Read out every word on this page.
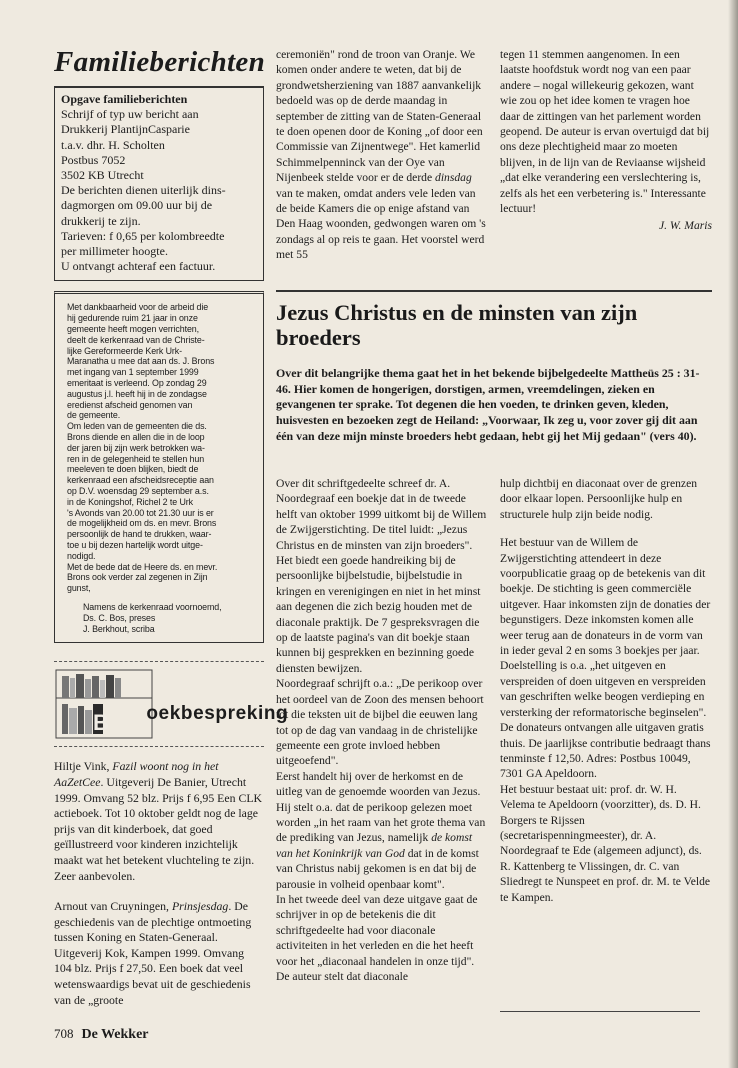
Familieberichten
Opgave familieberichten
Schrijf of typ uw bericht aan
Drukkerij PlantijnCasparie
t.a.v. dhr. H. Scholten
Postbus 7052
3502 KB Utrecht
De berichten dienen uiterlijk dins-
dagmorgen om 09.00 uur bij de
drukkerij te zijn.
Tarieven: f 0,65 per kolombreedte
per millimeter hoogte.
U ontvangt achteraf een factuur.
Met dankbaarheid voor de arbeid die
hij gedurende ruim 21 jaar in onze
gemeente heeft mogen verrichten,
deelt de kerkenraad van de Christe-
lijke Gereformeerde Kerk Urk-
Maranatha u mee dat aan ds. J. Brons
met ingang van 1 september 1999
emeritaat is verleend. Op zondag 29
augustus j.l. heeft hij in de zondagse
eredienst afscheid genomen van
de gemeente.
Om leden van de gemeenten die ds.
Brons diende en allen die in de loop
der jaren bij zijn werk betrokken wa-
ren in de gelegenheid te stellen hun
meeleven te doen blijken, biedt de
kerkenraad een afscheidsreceptie aan
op D.V. woensdag 29 september a.s.
in de Koningshof, Richel 2 te Urk
's Avonds van 20.00 tot 21.30 uur is er
de mogelijkheid om ds. en mevr. Brons
persoonlijk de hand te drukken, waar-
toe u bij dezen hartelijk wordt uitge-
nodigd.
Met de bede dat de Heere ds. en mevr.
Brons ook verder zal zegenen in Zijn
gunst,
Namens de kerkenraad voornoemd,
Ds. C. Bos, preses
J. Berkhout, scriba
B	oekbespreking

Hiltje Vink, Fazil woont nog in het AaZetCee. Uitgeverij De Banier, Utrecht 1999. Omvang 52 blz. Prijs f 6,95 Een CLK actieboek. Tot 10 oktober geldt nog de lage prijs van dit kinderboek, dat goed geïllustreerd voor kinderen inzichtelijk maakt wat het betekent vluchteling te zijn. Zeer aanbevolen.

Arnout van Cruyningen, Prinsjesdag. De geschiedenis van de plechtige ontmoeting tussen Koning en Staten-Generaal. Uitgeverij Kok, Kampen 1999. Omvang 104 blz. Prijs f 27,50. Een boek dat veel wetenswaardigs bevat uit de geschiedenis van de „groote

ceremoniën" rond de troon van Oranje. We komen onder andere te weten, dat bij de grondwetsherziening van 1887 aanvankelijk bedoeld was op de derde maandag in september de zitting van de Staten-Generaal te doen openen door de Koning „of door een Commissie van Zijnentwege". Het kamerlid Schimmelpenninck van der Oye van Nijenbeek stelde voor er de derde dinsdag van te maken, omdat anders vele leden van de beide Kamers die op enige afstand van Den Haag woonden, gedwongen waren om 's zondags al op reis te gaan. Het voorstel werd met 55

tegen 11 stemmen aangenomen. In een laatste hoofdstuk wordt nog van een paar andere – nogal willekeurig gekozen, want wie zou op het idee komen te vragen hoe daar de zittingen van het parlement worden geopend. De auteur is ervan overtuigd dat bij ons deze plechtigheid maar zo moeten blijven, in de lijn van de Reviaanse wijsheid „dat elke verandering een verslechtering is, zelfs als het een verbetering is." Interessante lectuur!

J. W. Maris

Jezus Christus en de minsten van zijn broeders

Over dit belangrijke thema gaat het in het bekende bijbelgedeelte Mattheüs 25 : 31-46. Hier komen de hongerigen, dorstigen, armen, vreemdelingen, zieken en gevangenen ter sprake. Tot degenen die hen voeden, te drinken geven, kleden, huisvesten en bezoeken zegt de Heiland: „Voorwaar, Ik zeg u, voor zover gij dit aan één van deze mijn minste broeders hebt gedaan, hebt gij het Mij gedaan" (vers 40).

Over dit schriftgedeelte schreef dr. A. Noordegraaf een boekje dat in de tweede helft van oktober 1999 uitkomt bij de Willem de Zwijgerstichting. De titel luidt: „Jezus Christus en de minsten van zijn broeders". Het biedt een goede handreiking bij de persoonlijke bijbelstudie, bijbelstudie in kringen en verenigingen en niet in het minst aan degenen die zich bezig houden met de diaconale praktijk. De 7 gespreksvragen die op de laatste pagina's van dit boekje staan kunnen bij gesprekken en bezinning goede diensten bewijzen.

Noordegraaf schrijft o.a.: „De perikoop over het oordeel van de Zoon des mensen behoort tot die teksten uit de bijbel die eeuwen lang tot op de dag van vandaag in de christelijke gemeente een grote invloed hebben uitgeoefend".

Eerst handelt hij over de herkomst en de uitleg van de genoemde woorden van Jezus. Hij stelt o.a. dat de perikoop gelezen moet worden „in het raam van het grote thema van de prediking van Jezus, namelijk de komst van het Koninkrijk van God dat in de komst van Christus nabij gekomen is en dat bij de parousie in volheid openbaar komt".

In het tweede deel van deze uitgave gaat de schrijver in op de betekenis die dit schriftgedeelte had voor diaconale activiteiten in het verleden en die het heeft voor het „diaconaal handelen in onze tijd". De auteur stelt dat diaconale

hulp dichtbij en diaconaat over de grenzen door elkaar lopen. Persoonlijke hulp en structurele hulp zijn beide nodig.

Het bestuur van de Willem de Zwijgerstichting attendeert in deze voorpublicatie graag op de betekenis van dit boekje. De stichting is geen commerciële uitgever. Haar inkomsten zijn de donaties der begunstigers. Deze inkomsten komen alle weer terug aan de donateurs in de vorm van in ieder geval 2 en soms 3 boekjes per jaar. Doelstelling is o.a. „het uitgeven en verspreiden of doen uitgeven en verspreiden van geschriften welke beogen verdieping en versterking der reformatorische beginselen".

De donateurs ontvangen alle uitgaven gratis thuis. De jaarlijkse contributie bedraagt thans tenminste f 12,50. Adres: Postbus 10049, 7301 GA Apeldoorn.

Het bestuur bestaat uit: prof. dr. W. H. Velema te Apeldoorn (voorzitter), ds. D. H. Borgers te Rijssen (secretarispenningmeester), dr. A. Noordegraaf te Ede (algemeen adjunct), ds. R. Kattenberg te Vlissingen, dr. C. van Sliedregt te Nunspeet en prof. dr. M. te Velde te Kampen.

708 De Wekker
